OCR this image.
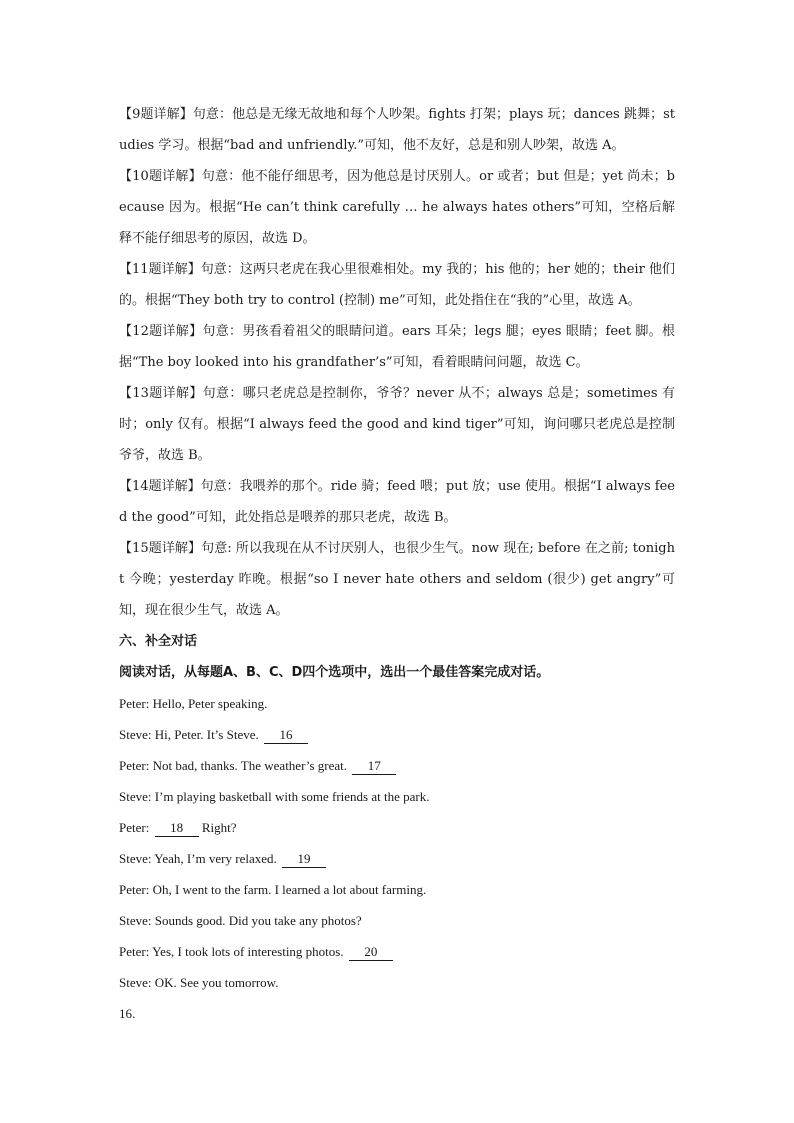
【9题详解】句意：他总是无缘无故地和每个人吵架。fights 打架；plays 玩；dances 跳舞；studies 学习。根据“bad and unfriendly.”可知，他不友好，总是和别人吵架，故选 A。

【10题详解】句意：他不能仔细思考，因为他总是讨厌别人。or 或者；but 但是；yet 尚未；because 因为。根据“He can’t think carefully … he always hates others”可知，空格后解释不能仔细思考的原因，故选 D。

【11题详解】句意：这两只老虎在我心里很难相处。my 我的；his 他的；her 她的；their 他们的。根据“They both try to control (控制) me”可知，此处指住在“我的”心里，故选 A。

【12题详解】句意：男孩看着祖父的眼睛问道。ears 耳朵；legs 腿；eyes 眼睛；feet 脚。根据“The boy looked into his grandfather’s”可知，看着眼睛问问题，故选 C。

【13题详解】句意：哪只老虎总是控制你，爷爷？never 从不；always 总是；sometimes 有时；only 仅有。根据“I always feed the good and kind tiger”可知，询问哪只老虎总是控制爷爷，故选 B。

【14题详解】句意：我喂养的那个。ride 骑；feed 喂；put 放；use 使用。根据“I always feed the good”可知，此处指总是喂养的那只老虎，故选 B。

【15题详解】句意: 所以我现在从不讨厌别人，也很少生气。now 现在; before 在之前; tonight 今晚；yesterday 昨晚。根据“so I never hate others and seldom (很少) get angry”可知，现在很少生气，故选 A。

六、补全对话

阅读对话，从每题A、B、C、D四个选项中，选出一个最佳答案完成对话。

Peter: Hello, Peter speaking.

Steve: Hi, Peter. It’s Steve. 16

Peter: Not bad, thanks. The weather’s great. 17

Steve: I’m playing basketball with some friends at the park.

Peter: 18 Right?

Steve: Yeah, I’m very relaxed. 19

Peter: Oh, I went to the farm. I learned a lot about farming.

Steve: Sounds good. Did you take any photos?

Peter: Yes, I took lots of interesting photos. 20

Steve: OK. See you tomorrow.

16.
